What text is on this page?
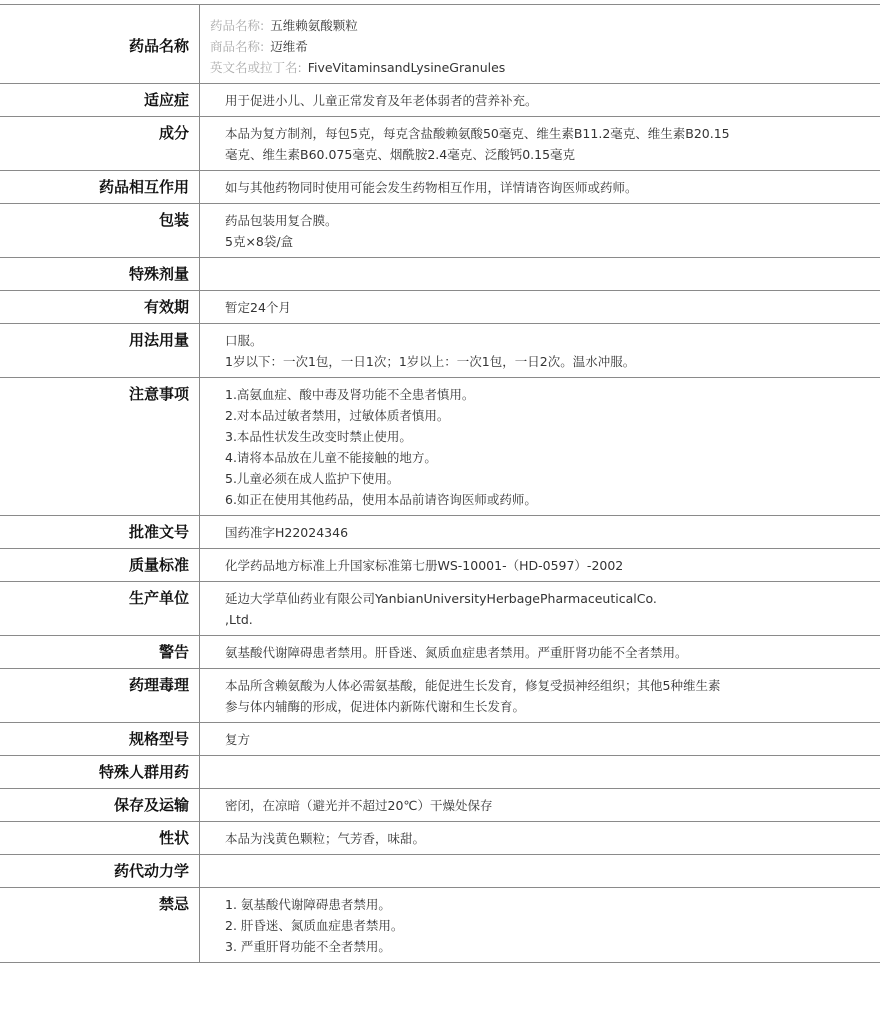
药品名称
药品名称: 五维赖氨酸颗粒
商品名称: 迈维希
英文名或拉丁名: FiveVitaminsandLysineGranules
适应症	用于促进小儿、儿童正常发育及年老体弱者的营养补充。
成分	本品为复方制剂，每包5克，每克含盐酸赖氨酸50毫克、维生素B11.2毫克、维生素B20.15
毫克、维生素B60.075毫克、烟酰胺2.4毫克、泛酸钙0.15毫克
药品相互作用	如与其他药物同时使用可能会发生药物相互作用，详情请咨询医师或药师。
包装	药品包装用复合膜。
5克×8袋/盒
特殊剂量
有效期	暂定24个月
用法用量	口服。
1岁以下：一次1包，一日1次；1岁以上：一次1包，一日2次。温水冲服。
注意事项	1.高氨血症、酸中毒及肾功能不全患者慎用。
2.对本品过敏者禁用，过敏体质者慎用。
3.本品性状发生改变时禁止使用。
4.请将本品放在儿童不能接触的地方。
5.儿童必须在成人监护下使用。
6.如正在使用其他药品，使用本品前请咨询医师或药师。
批准文号	国药准字H22024346
质量标准	化学药品地方标准上升国家标准第七册WS-10001-（HD-0597）-2002
生产单位	延边大学草仙药业有限公司YanbianUniversityHerbagePharmaceuticalCo.
,Ltd.
警告	氨基酸代谢障碍患者禁用。肝昏迷、氮质血症患者禁用。严重肝肾功能不全者禁用。
药理毒理	本品所含赖氨酸为人体必需氨基酸，能促进生长发育，修复受损神经组织；其他5种维生素
参与体内辅酶的形成，促进体内新陈代谢和生长发育。
规格型号	复方
特殊人群用药
保存及运输	密闭，在凉暗（避光并不超过20℃）干燥处保存
性状	本品为浅黄色颗粒；气芳香，味甜。
药代动力学
禁忌	1. 氨基酸代谢障碍患者禁用。
2. 肝昏迷、氮质血症患者禁用。
3. 严重肝肾功能不全者禁用。
